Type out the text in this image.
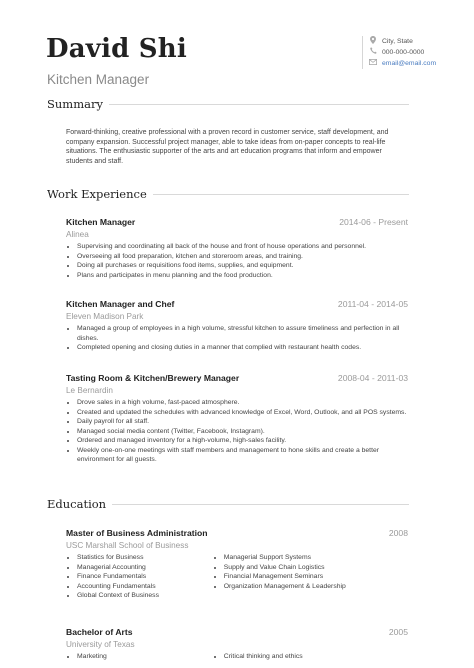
David Shi
Kitchen Manager
City, State
000-000-0000
email@email.com
Summary

Forward-thinking, creative professional with a proven record in customer service, staff development, and company expansion. Successful project manager, able to take ideas from on-paper concepts to real-life situations. The enthusiastic supporter of the arts and art education programs that inform and empower students and staff.

Work Experience
Kitchen Manager	2014-06 - Present
Alinea
• Supervising and coordinating all back of the house and front of house operations and personnel.
• Overseeing all food preparation, kitchen and storeroom areas, and training.
• Doing all purchases or requisitions food items, supplies, and equipment.
• Plans and participates in menu planning and the food production.
Kitchen Manager and Chef	2011-04 - 2014-05
Eleven Madison Park
• Managed a group of employees in a high volume, stressful kitchen to assure timeliness and perfection in all dishes.
• Completed opening and closing duties in a manner that complied with restaurant health codes.
Tasting Room & Kitchen/Brewery Manager	2008-04 - 2011-03
Le Bernardin
• Drove sales in a high volume, fast-paced atmosphere.
• Created and updated the schedules with advanced knowledge of Excel, Word, Outlook, and all POS systems.
• Daily payroll for all staff.
• Managed social media content (Twitter, Facebook, Instagram).
• Ordered and managed inventory for a high-volume, high-sales facility.
• Weekly one-on-one meetings with staff members and management to hone skills and create a better environment for all guests.
Education
Master of Business Administration	2008
USC Marshall School of Business
• Statistics for Business
• Managerial Accounting
• Finance Fundamentals
• Accounting Fundamentals
• Global Context of Business
• Managerial Support Systems
• Supply and Value Chain Logistics
• Financial Management Seminars
• Organization Management & Leadership
Bachelor of Arts	2005
University of Texas
• Marketing
•	Critical thinking and ethics
